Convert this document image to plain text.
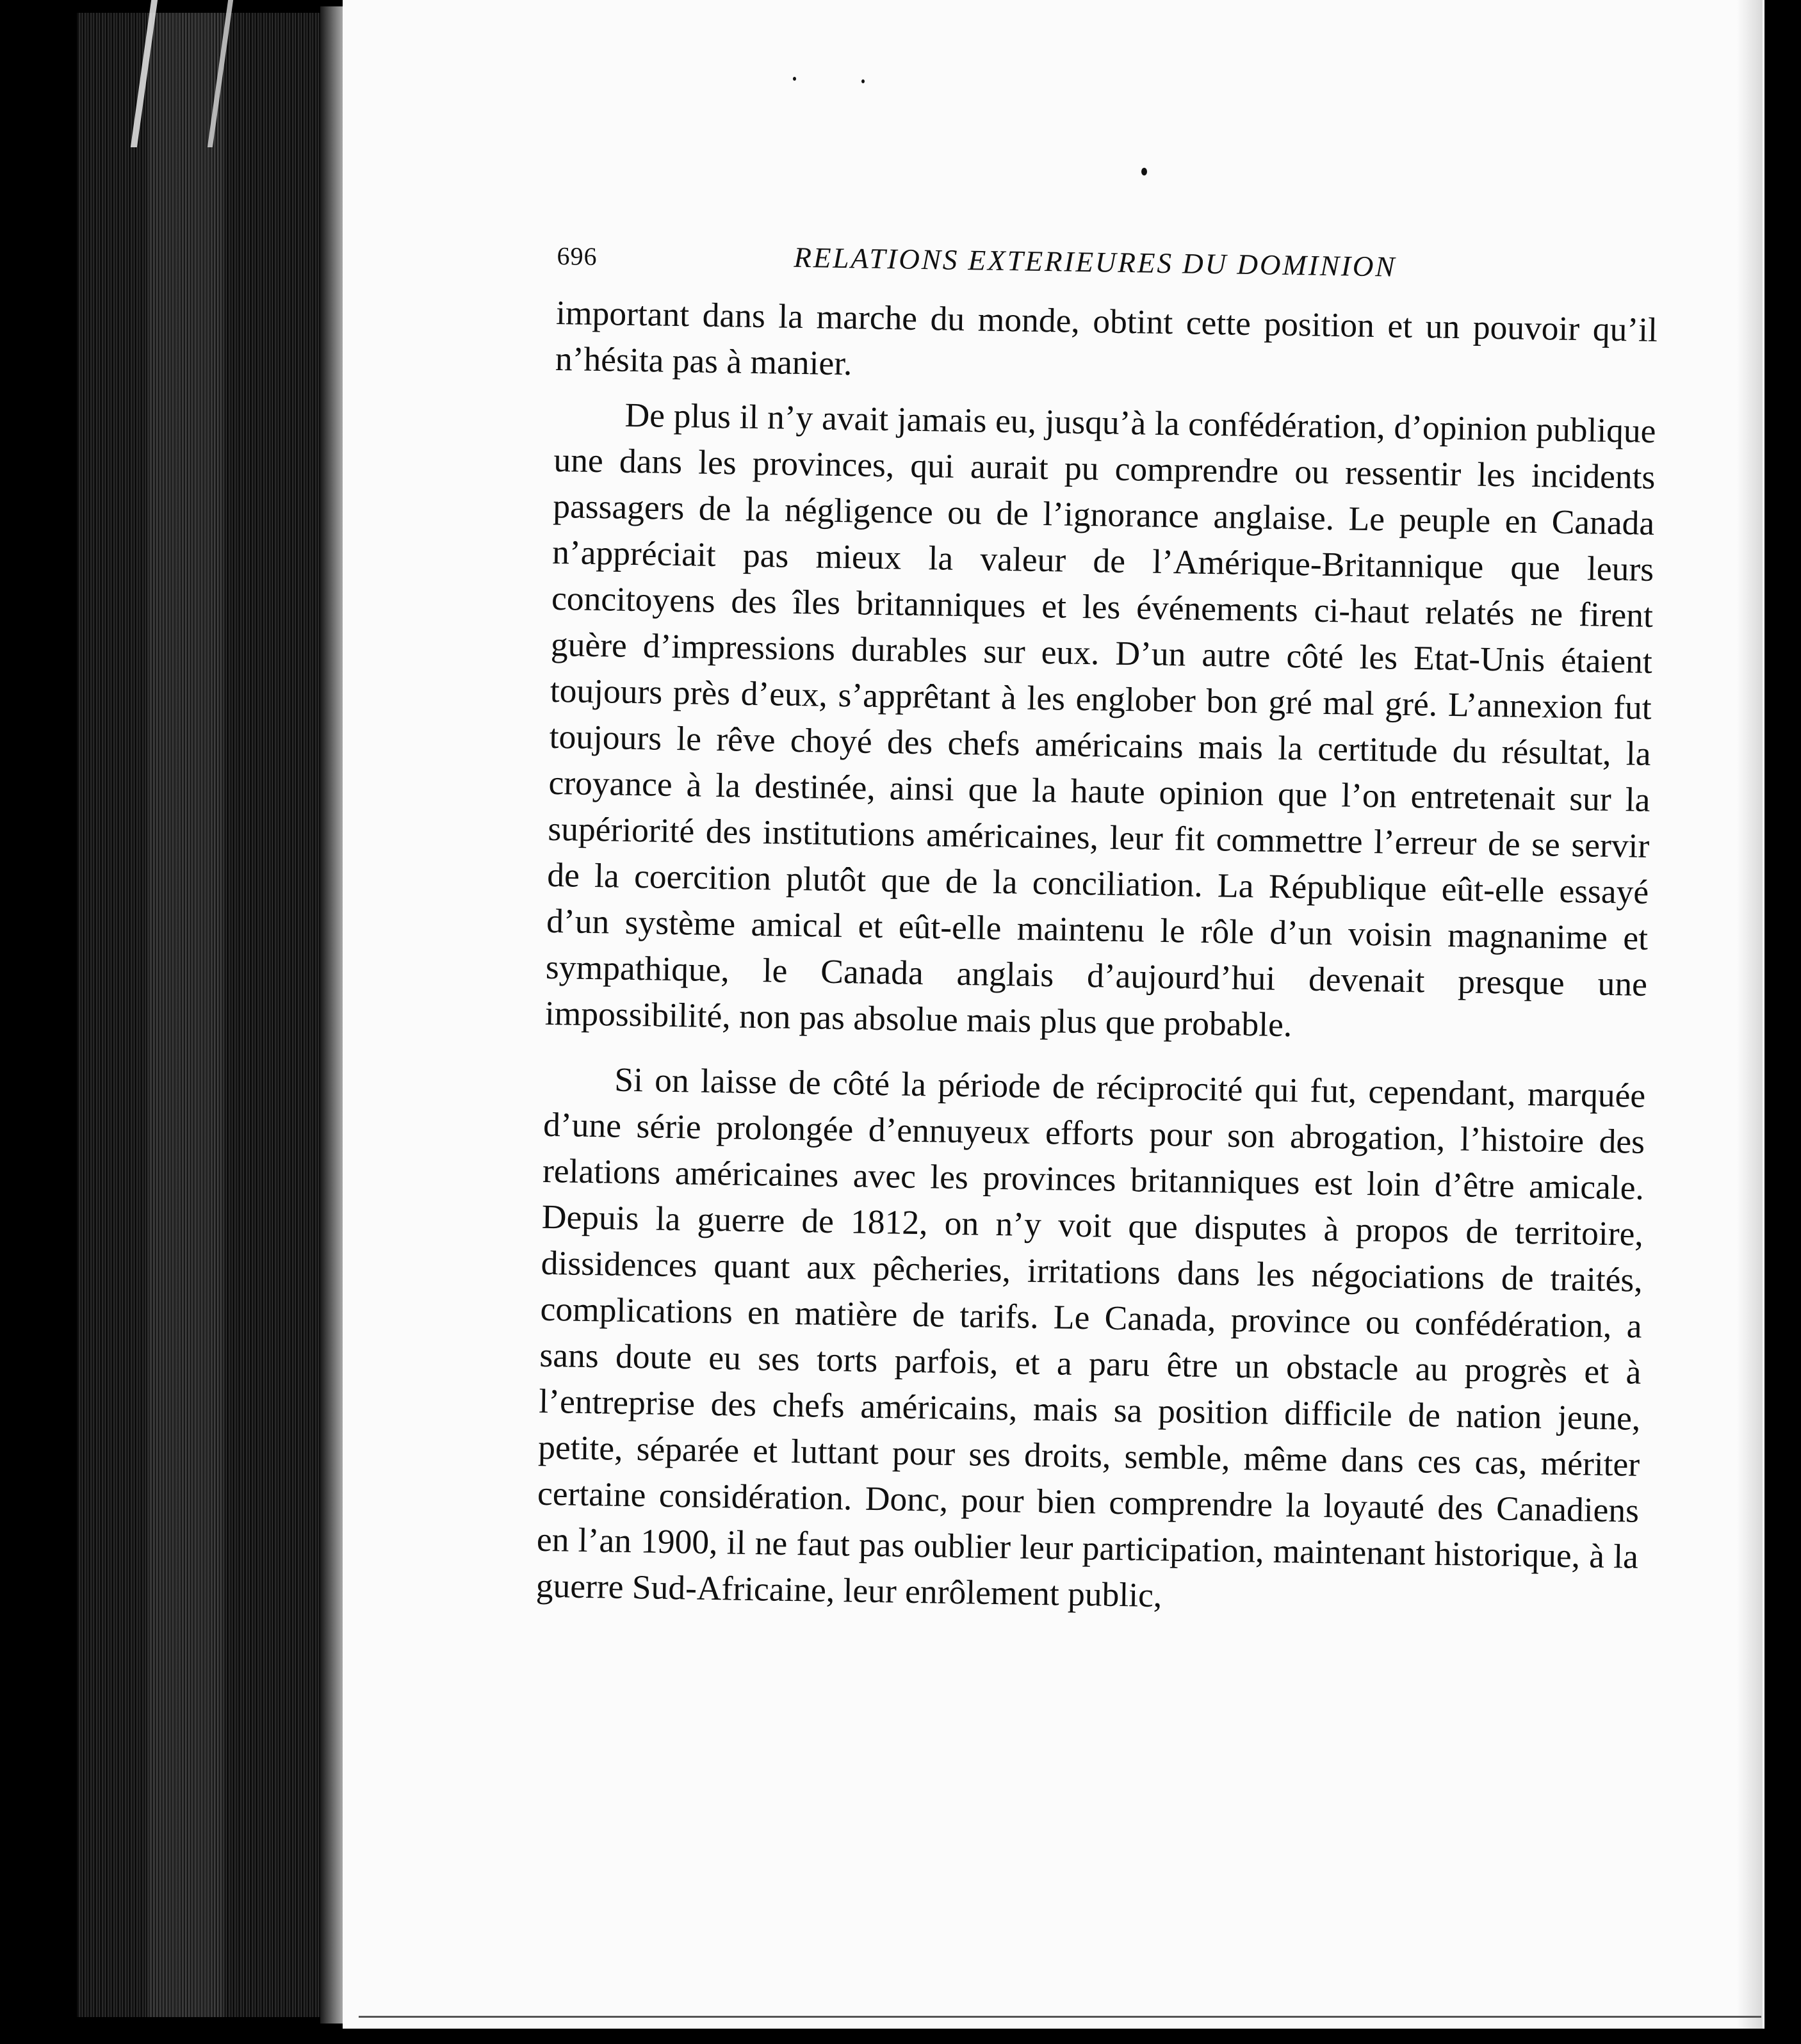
696	RELATIONS EXTERIEURES DU DOMINION

important dans la marche du monde, obtint cette position et un pouvoir qu’il n’hésita pas à manier.

De plus il n’y avait jamais eu, jusqu’à la confédération, d’opinion publique une dans les provinces, qui aurait pu comprendre ou ressentir les incidents passagers de la négligence ou de l’ignorance anglaise. Le peuple en Canada n’appréciait pas mieux la valeur de l’Amérique-Britannique que leurs concitoyens des îles britanniques et les événements ci-haut relatés ne firent guère d’impressions durables sur eux. D’un autre côté les Etat-Unis étaient toujours près d’eux, s’apprêtant à les englober bon gré mal gré. L’annexion fut toujours le rêve choyé des chefs américains mais la certitude du résultat, la croyance à la destinée, ainsi que la haute opinion que l’on entretenait sur la supériorité des institutions américaines, leur fit commettre l’erreur de se servir de la coercition plutôt que de la conciliation. La République eût-elle essayé d’un système amical et eût-elle maintenu le rôle d’un voisin magnanime et sympathique, le Canada anglais d’aujourd’hui devenait presque une impossibilité, non pas absolue mais plus que probable.

Si on laisse de côté la période de réciprocité qui fut, cependant, marquée d’une série prolongée d’ennuyeux efforts pour son abrogation, l’histoire des relations américaines avec les provinces britanniques est loin d’être amicale. Depuis la guerre de 1812, on n’y voit que disputes à propos de territoire, dissidences quant aux pêcheries, irritations dans les négociations de traités, complications en matière de tarifs. Le Canada, province ou confédération, a sans doute eu ses torts parfois, et a paru être un obstacle au progrès et à l’entreprise des chefs américains, mais sa position difficile de nation jeune, petite, séparée et luttant pour ses droits, semble, même dans ces cas, mériter certaine considération. Donc, pour bien comprendre la loyauté des Canadiens en l’an 1900, il ne faut pas oublier leur participation, maintenant historique, à la guerre Sud-Africaine, leur enrôlement public,
